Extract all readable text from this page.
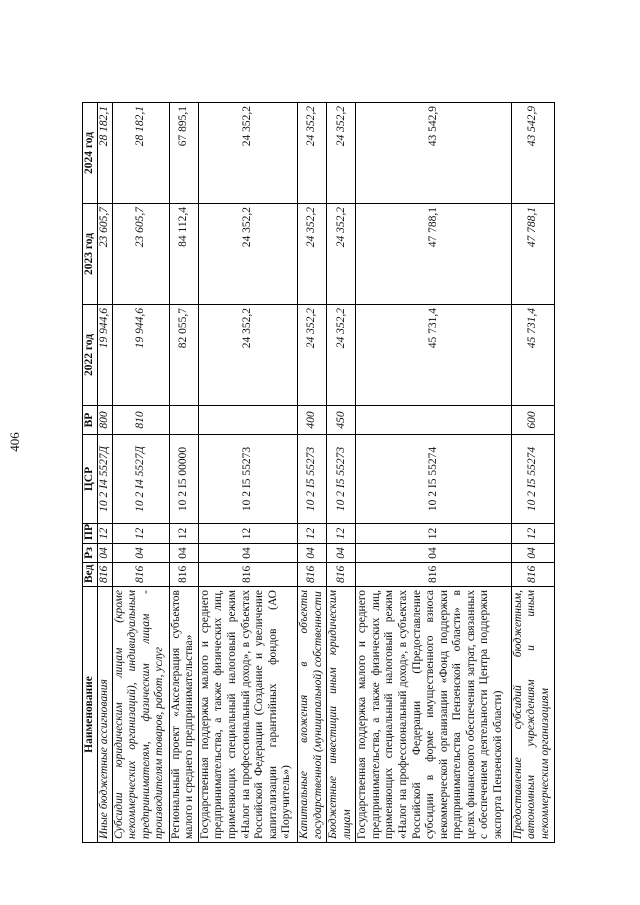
406
Наименование	Вед	Рз	ПР	ЦСР	ВР	2022 год	2023 год	2024 год
Иные бюджетные ассигнования	816	04	12	10 2 I4 5527Д	800	19 944,6	23 605,7	28 182,1
Субсидии юридическим лицам (кроме некоммерческих организаций), индивидуальным предпринимателям, физическим лицам - производителям товаров, работ, услуг	816	04	12	10 2 I4 5527Д	810	19 944,6	23 605,7	28 182,1
Региональный проект «Акселерация субъектов малого и среднего предпринимательства»	816	04	12	10 2 I5 00000		82 055,7	84 112,4	67 895,1
Государственная поддержка малого и среднего предпринимательства, а также физических лиц, применяющих специальный налоговый режим «Налог на профессиональный доход», в субъектах Российской Федерации (Создание и увеличение капитализации гарантийных фондов (АО «Поручитель»)	816	04	12	10 2 I5 55273		24 352,2	24 352,2	24 352,2
Капитальные вложения в объекты государственной (муниципальной) собственности	816	04	12	10 2 I5 55273	400	24 352,2	24 352,2	24 352,2
Бюджетные инвестиции иным юридическим лицам	816	04	12	10 2 I5 55273	450	24 352,2	24 352,2	24 352,2
Государственная поддержка малого и среднего предпринимательства, а также физических лиц, применяющих специальный налоговый режим «Налог на профессиональный доход», в субъектах Российской Федерации (Предоставление субсидии в форме имущественного взноса некоммерческой организации «Фонд поддержки предпринимательства Пензенской области» в целях финансового обеспечения затрат, связанных с обеспечением деятельности Центра поддержки экспорта Пензенской области)	816	04	12	10 2 I5 55274		45 731,4	47 788,1	43 542,9
Предоставление субсидий бюджетным, автономным учреждениям и иным некоммерческим организациям	816	04	12	10 2 I5 55274	600	45 731,4	47 788,1	43 542,9
